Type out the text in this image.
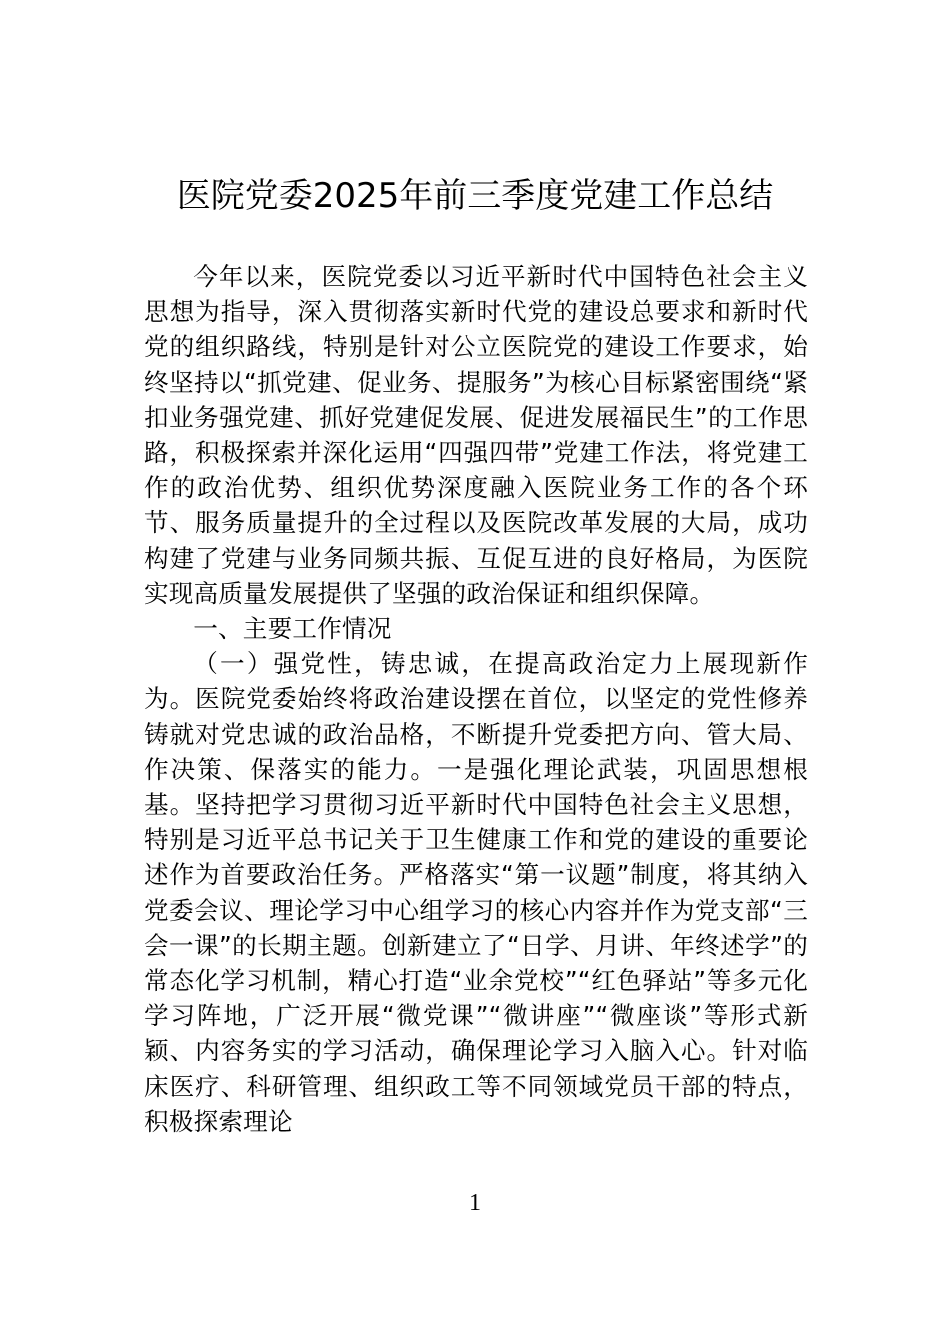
医院党委2025年前三季度党建工作总结

今年以来，医院党委以习近平新时代中国特色社会主义思想为指导，深入贯彻落实新时代党的建设总要求和新时代党的组织路线，特别是针对公立医院党的建设工作要求，始终坚持以“抓党建、促业务、提服务”为核心目标紧密围绕“紧扣业务强党建、抓好党建促发展、促进发展福民生”的工作思路，积极探索并深化运用“四强四带”党建工作法，将党建工作的政治优势、组织优势深度融入医院业务工作的各个环节、服务质量提升的全过程以及医院改革发展的大局，成功构建了党建与业务同频共振、互促互进的良好格局，为医院实现高质量发展提供了坚强的政治保证和组织保障。

一、主要工作情况

（一）强党性，铸忠诚，在提高政治定力上展现新作为。医院党委始终将政治建设摆在首位，以坚定的党性修养铸就对党忠诚的政治品格，不断提升党委把方向、管大局、作决策、保落实的能力。一是强化理论武装，巩固思想根基。坚持把学习贯彻习近平新时代中国特色社会主义思想，特别是习近平总书记关于卫生健康工作和党的建设的重要论述作为首要政治任务。严格落实“第一议题”制度，将其纳入党委会议、理论学习中心组学习的核心内容并作为党支部“三会一课”的长期主题。创新建立了“日学、月讲、年终述学”的常态化学习机制，精心打造“业余党校”“红色驿站”等多元化学习阵地，广泛开展“微党课”“微讲座”“微座谈”等形式新颖、内容务实的学习活动，确保理论学习入脑入心。针对临床医疗、科研管理、组织政工等不同领域党员干部的特点，积极探索理论

1
